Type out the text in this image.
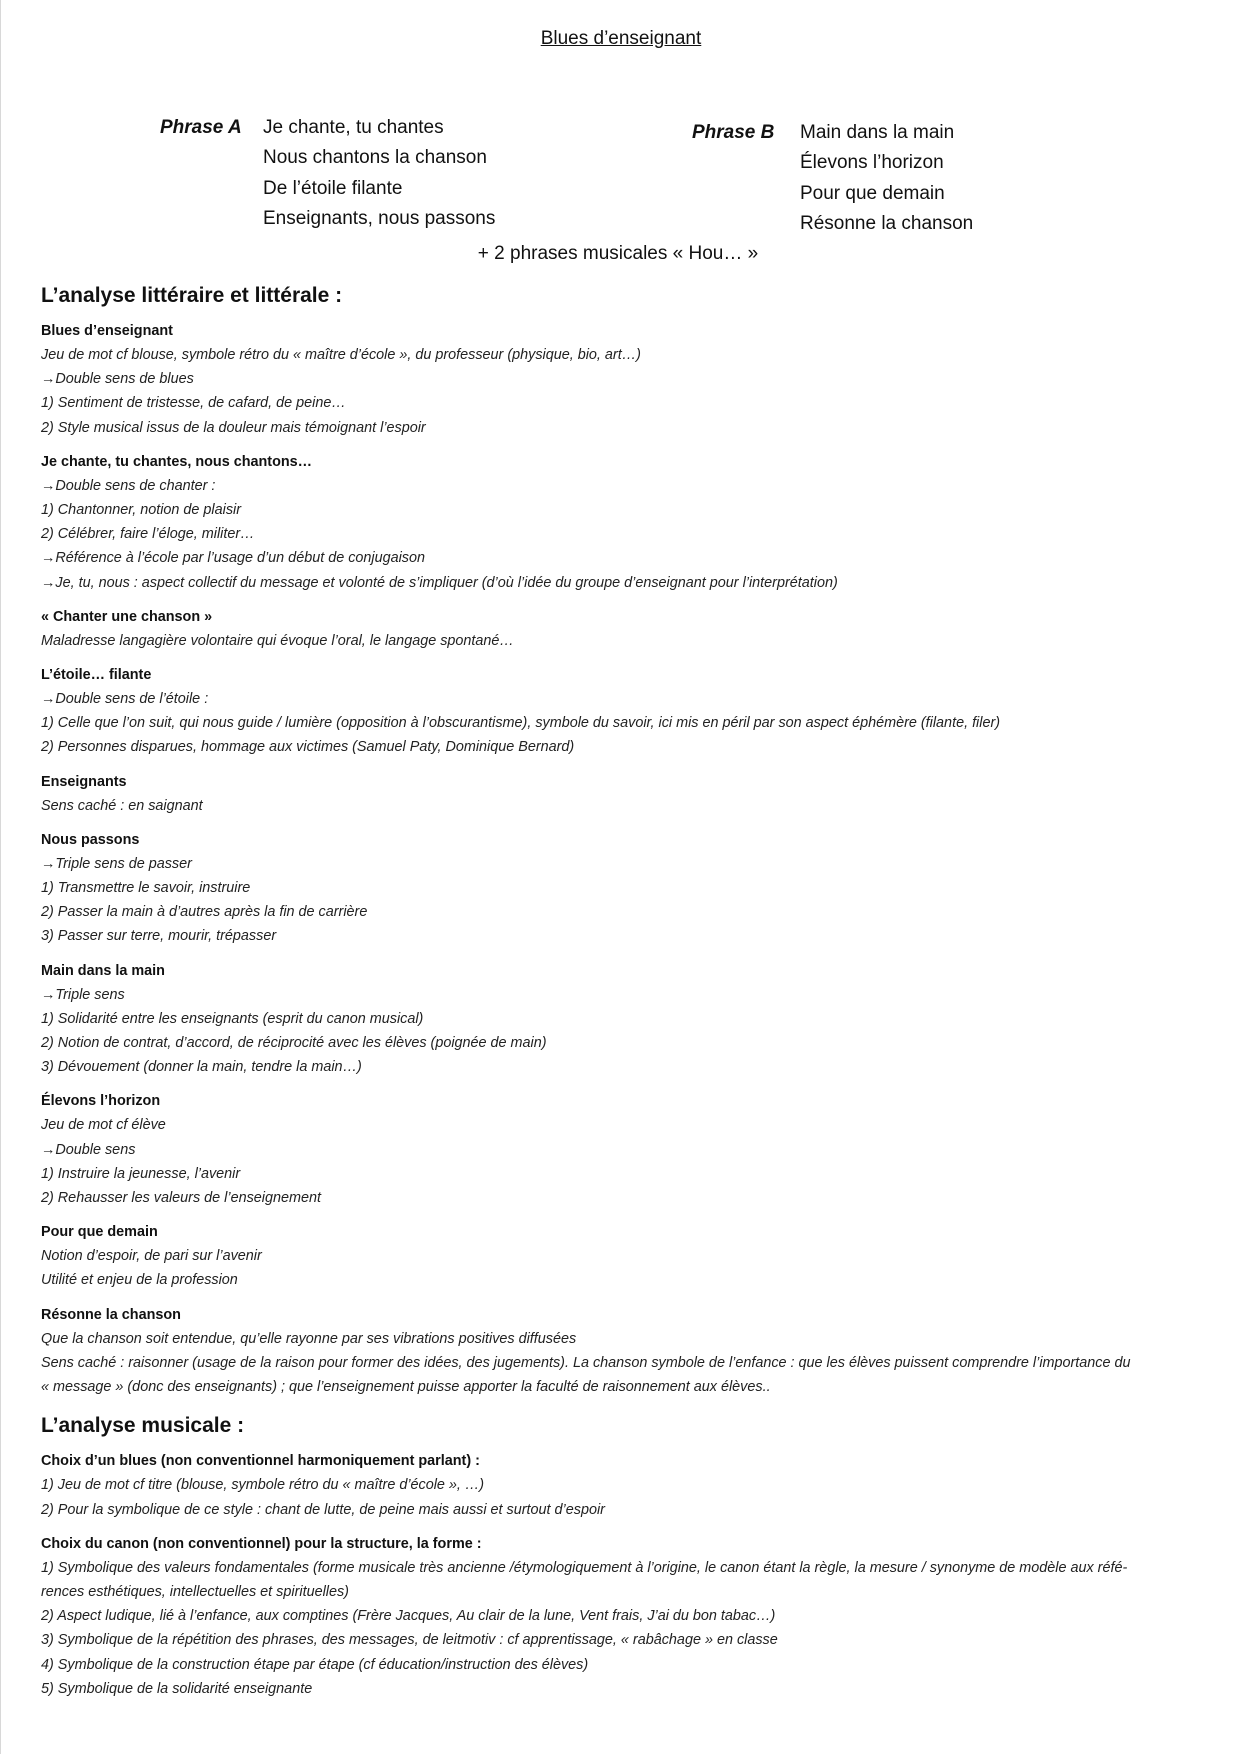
Blues d’enseignant
Phrase A	Je chante, tu chantes
Nous chantons la chanson
De l’étoile filante
Enseignants, nous passons
Phrase B	Main dans la main
Élevons l’horizon
Pour que demain
Résonne la chanson
+ 2 phrases musicales « Hou… »
L’analyse littéraire et littérale :
Blues d’enseignant
Jeu de mot cf blouse, symbole rétro du « maître d’école », du professeur (physique, bio, art…)
→Double sens de blues
1) Sentiment de tristesse, de cafard, de peine…
2) Style musical issus de la douleur mais témoignant l’espoir
Je chante, tu chantes, nous chantons…
→Double sens de chanter :
1) Chantonner, notion de plaisir
2) Célébrer, faire l’éloge, militer…
→Référence à l’école par l’usage d’un début de conjugaison
→Je, tu, nous : aspect collectif du message et volonté de s’impliquer (d’où l’idée du groupe d’enseignant pour l’interprétation)
« Chanter une chanson »
Maladresse langagière volontaire qui évoque l’oral, le langage spontané…
L’étoile… filante
→Double sens de l’étoile :
1) Celle que l’on suit, qui nous guide / lumière (opposition à l’obscurantisme), symbole du savoir, ici mis en péril par son aspect éphémère (filante, filer)
2) Personnes disparues, hommage aux victimes (Samuel Paty, Dominique Bernard)
Enseignants
Sens caché : en saignant
Nous passons
→Triple sens de passer
1) Transmettre le savoir, instruire
2) Passer la main à d’autres après la fin de carrière
3) Passer sur terre, mourir, trépasser
Main dans la main
→Triple sens
1) Solidarité entre les enseignants (esprit du canon musical)
2) Notion de contrat, d’accord, de réciprocité avec les élèves (poignée de main)
3) Dévouement (donner la main, tendre la main…)
Élevons l’horizon
Jeu de mot cf élève
→Double sens
1) Instruire la jeunesse, l’avenir
2) Rehausser les valeurs de l’enseignement
Pour que demain
Notion d’espoir, de pari sur l’avenir
Utilité et enjeu de la profession
Résonne la chanson
Que la chanson soit entendue, qu’elle rayonne par ses vibrations positives diffusées
Sens caché : raisonner (usage de la raison pour former des idées, des jugements). La chanson symbole de l’enfance : que les élèves puissent comprendre l’importance du
« message » (donc des enseignants) ; que l’enseignement puisse apporter la faculté de raisonnement aux élèves..
L’analyse musicale :
Choix d’un blues (non conventionnel harmoniquement parlant) :
1) Jeu de mot cf titre (blouse, symbole rétro du « maître d’école », …)
2) Pour la symbolique de ce style : chant de lutte, de peine mais aussi et surtout d’espoir
Choix du canon (non conventionnel) pour la structure, la forme :
1) Symbolique des valeurs fondamentales (forme musicale très ancienne /étymologiquement à l’origine, le canon étant la règle, la mesure / synonyme de modèle aux réfé-
rences esthétiques, intellectuelles et spirituelles)
2) Aspect ludique, lié à l’enfance, aux comptines (Frère Jacques, Au clair de la lune, Vent frais, J’ai du bon tabac…)
3) Symbolique de la répétition des phrases, des messages, de leitmotiv : cf apprentissage, « rabâchage » en classe
4) Symbolique de la construction étape par étape (cf éducation/instruction des élèves)
5) Symbolique de la solidarité enseignante
